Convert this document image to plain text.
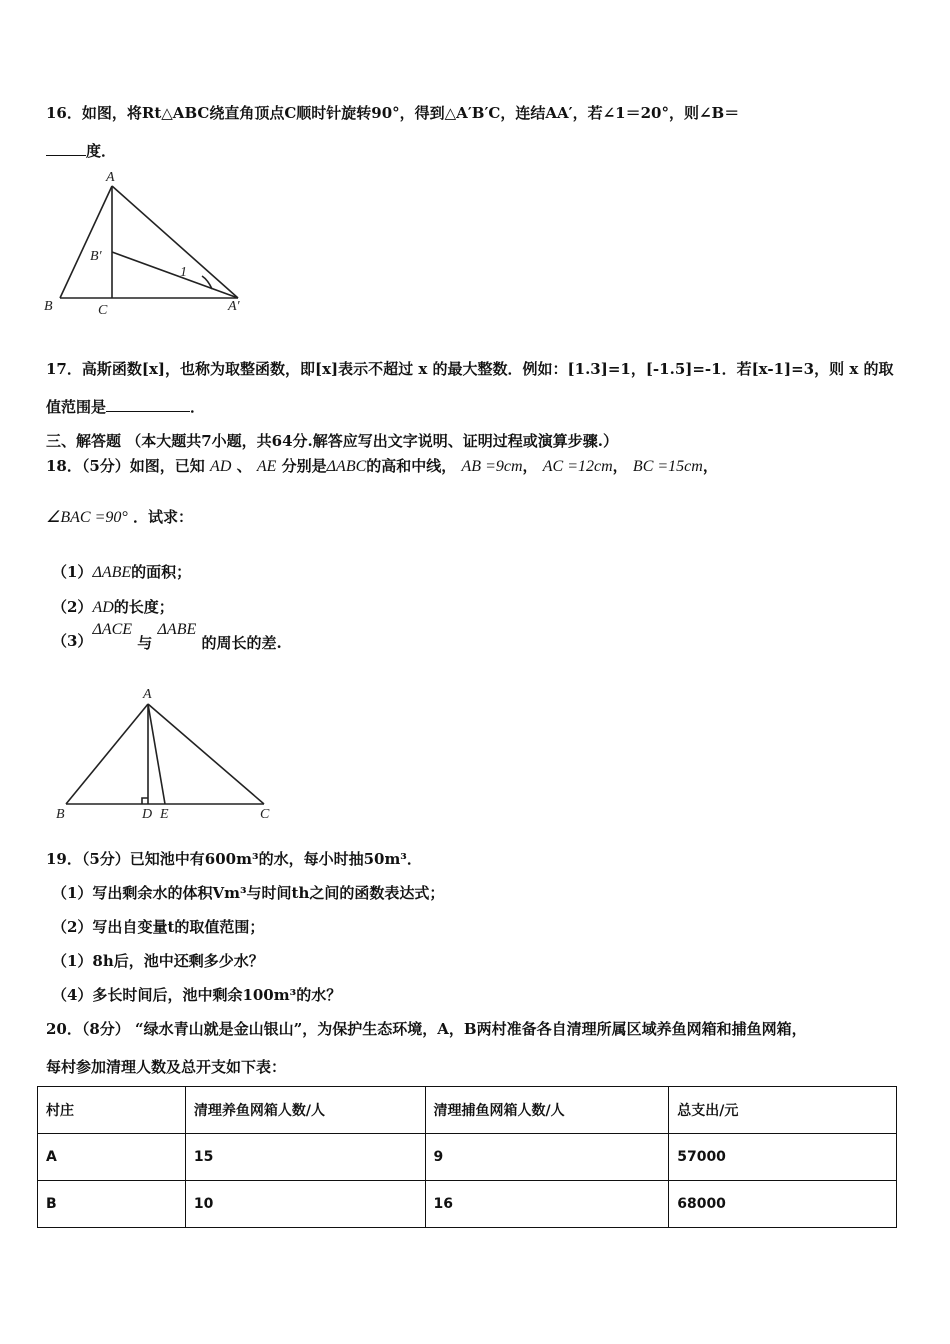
16．如图，将Rt△ABC绕直角顶点C顺时针旋转90°，得到△A′B′C，连结AA′，若∠1＝20°，则∠B＝
度．
A
B′
B	C	A′
1
17．高斯函数[x]，也称为取整函数，即[x]表示不超过 x 的最大整数．例如：[1.3]=1，[-1.5]=-1．若[x-1]=3，则 x 的取
值范围是	．
三、解答题 （本大题共7小题，共64分.解答应写出文字说明、证明过程或演算步骤.）
18．（5分）如图，已知 AD 、 AE 分别是ΔABC的高和中线， AB =9cm， AC =12cm， BC =15cm，
∠BAC =90° ．试求：
（1）ΔABE的面积；
（2）AD的长度；
（3）ΔACE 与 ΔABE 的周长的差.
A
B	D E	C
19．（5分）已知池中有600m³的水，每小时抽50m³．
（1）写出剩余水的体积Vm³与时间th之间的函数表达式；
（2）写出自变量t的取值范围；
（1）8h后，池中还剩多少水？
（4）多长时间后，池中剩余100m³的水？
20．（8分） “绿水青山就是金山银山”，为保护生态环境，A，B两村准备各自清理所属区域养鱼网箱和捕鱼网箱，
每村参加清理人数及总开支如下表：
村庄	清理养鱼网箱人数/人	清理捕鱼网箱人数/人	总支出/元
A	15	9	57000
B	10	16	68000
